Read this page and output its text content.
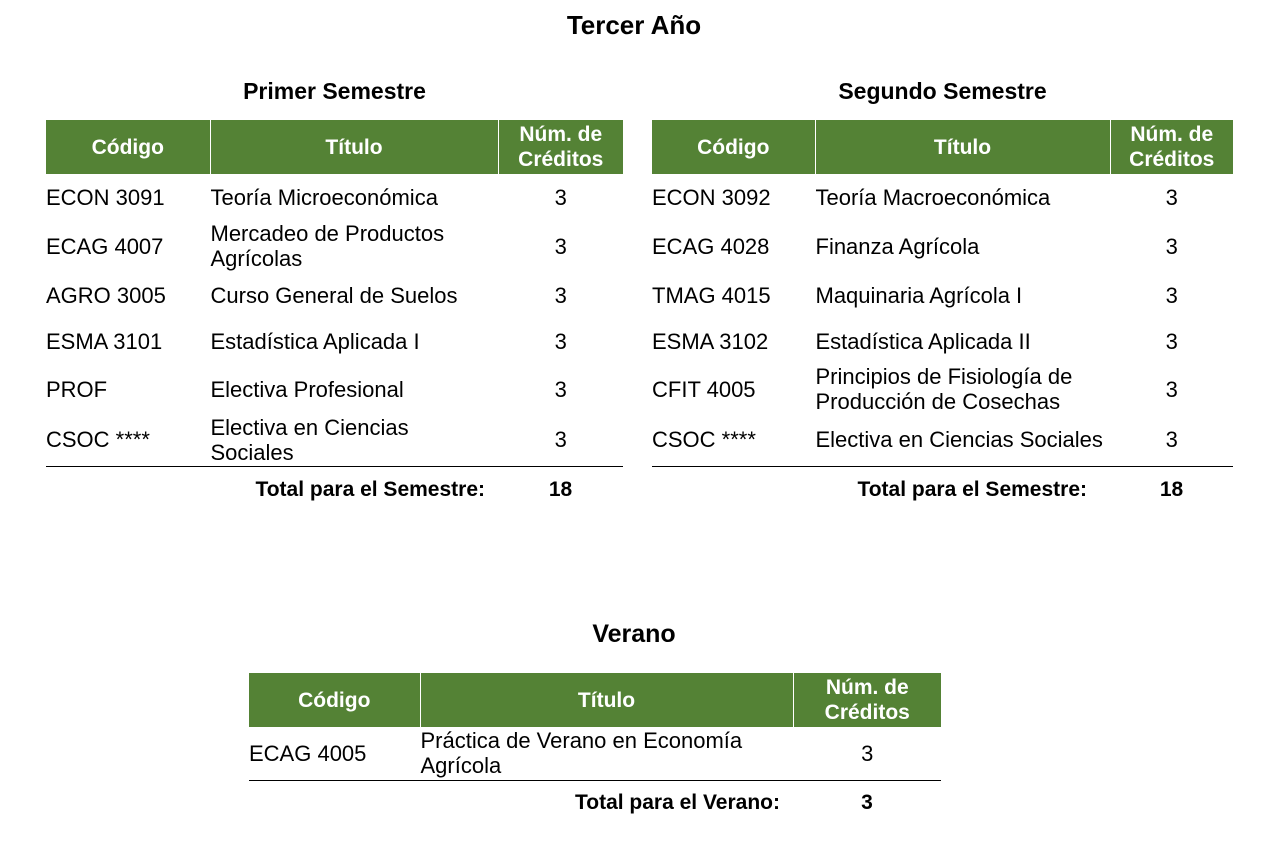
Tercer Año
Primer Semestre
Código	Título	Núm. de
Créditos
ECON 3091	Teoría Microeconómica	3
ECAG 4007	Mercadeo de Productos Agrícolas	3
AGRO 3005	Curso General de Suelos	3
ESMA 3101	Estadística Aplicada I	3
PROF	Electiva Profesional	3
CSOC ****	Electiva en Ciencias Sociales	3
Total para el Semestre:	18
Segundo Semestre
Código	Título	Núm. de
Créditos
ECON 3092	Teoría Macroeconómica	3
ECAG 4028	Finanza Agrícola	3
TMAG 4015	Maquinaria Agrícola I	3
ESMA 3102	Estadística Aplicada II	3
CFIT 4005	Principios de Fisiología de Producción de Cosechas	3
CSOC ****	Electiva en Ciencias Sociales	3
Total para el Semestre:	18
Verano
Código	Título	Núm. de
Créditos
ECAG 4005	Práctica de Verano en Economía Agrícola	3
Total para el Verano:	3
